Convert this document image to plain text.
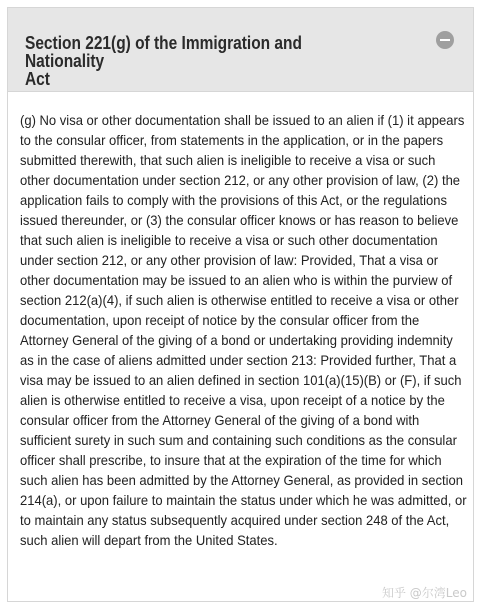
Section 221(g) of the Immigration and Nationality
Act

(g) No visa or other documentation shall be issued to an alien if (1) it appears to the consular officer, from statements in the application, or in the papers submitted therewith, that such alien is ineligible to receive a visa or such other documentation under section 212, or any other provision of law, (2) the application fails to comply with the provisions of this Act, or the regulations issued thereunder, or (3) the consular officer knows or has reason to believe that such alien is ineligible to receive a visa or such other documentation under section 212, or any other provision of law: Provided, That a visa or other documentation may be issued to an alien who is within the purview of section 212(a)(4), if such alien is otherwise entitled to receive a visa or other documentation, upon receipt of notice by the consular officer from the Attorney General of the giving of a bond or undertaking providing indemnity as in the case of aliens admitted under section 213: Provided further, That a visa may be issued to an alien defined in section 101(a)(15)(B) or (F), if such alien is otherwise entitled to receive a visa, upon receipt of a notice by the consular officer from the Attorney General of the giving of a bond with sufficient surety in such sum and containing such conditions as the consular officer shall prescribe, to insure that at the expiration of the time for which such alien has been admitted by the Attorney General, as provided in section 214(a), or upon failure to maintain the status under which he was admitted, or to maintain any status subsequently acquired under section 248 of the Act, such alien will depart from the United States.

知乎 @尔湾Leo
